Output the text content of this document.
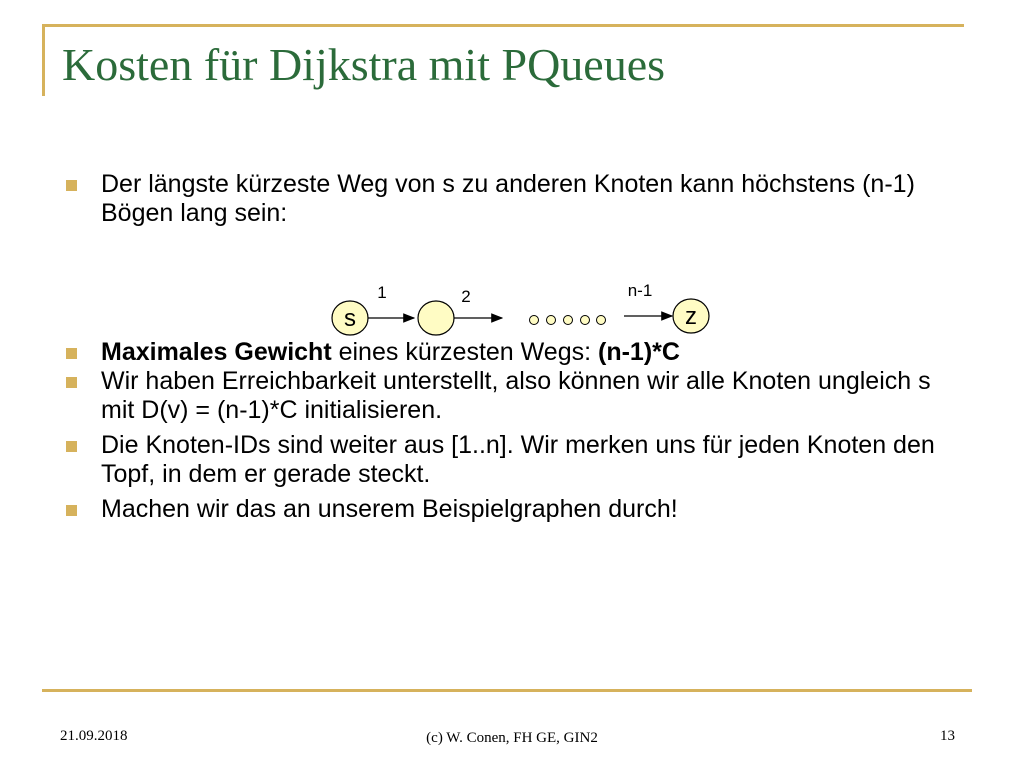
Kosten für Dijkstra mit PQueues
Der längste kürzeste Weg von s zu anderen Knoten kann höchstens (n-1) Bögen lang sein:
Maximales Gewicht eines kürzesten Wegs: (n-1)*C
Wir haben Erreichbarkeit unterstellt, also können wir alle Knoten ungleich s mit D(v) = (n-1)*C initialisieren.
Die Knoten-IDs sind weiter aus [1..n]. Wir merken uns für jeden Knoten den Topf, in dem er gerade steckt.
Machen wir das an unserem Beispielgraphen durch!
s
1	2	n-1
z
21.09.2018	(c) W. Conen, FH GE, GIN2	13
